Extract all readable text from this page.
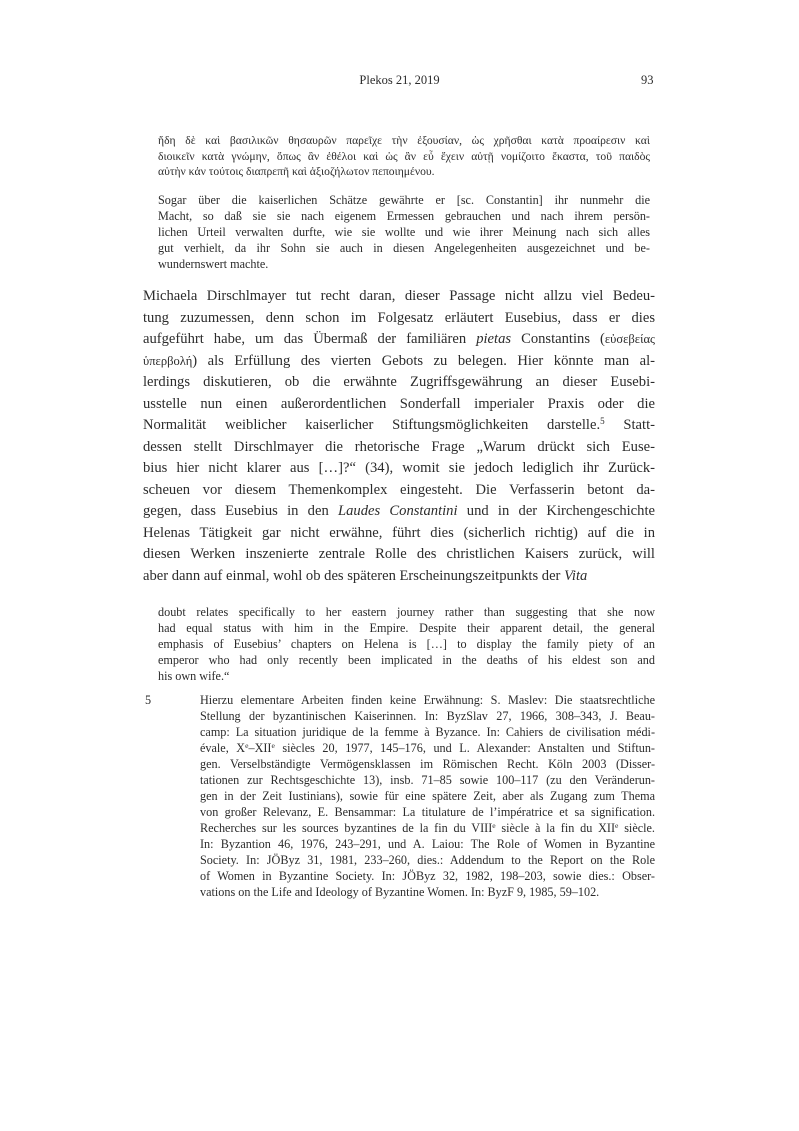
Plekos 21, 2019	93
ἤδη δὲ καὶ βασιλικῶν θησαυρῶν παρεῖχε τὴν ἐξουσίαν, ὡς χρῆσθαι κατὰ προαίρεσιν καὶ
διοικεῖν κατὰ γνώμην, ὅπως ἂν ἐθέλοι καὶ ὡς ἂν εὖ ἔχειν αὐτῇ νομίζοιτο ἕκαστα, τοῦ παιδὸς
αὐτὴν κἀν τούτοις διαπρεπῆ καὶ ἀξιοζήλωτον πεποιημένου.
Sogar über die kaiserlichen Schätze gewährte er [sc. Constantin] ihr nunmehr die
Macht, so daß sie sie nach eigenem Ermessen gebrauchen und nach ihrem persön-
lichen Urteil verwalten durfte, wie sie wollte und wie ihrer Meinung nach sich alles
gut verhielt, da ihr Sohn sie auch in diesen Angelegenheiten ausgezeichnet und be-
wundernswert machte.
Michaela Dirschlmayer tut recht daran, dieser Passage nicht allzu viel Bedeu-
tung zuzumessen, denn schon im Folgesatz erläutert Eusebius, dass er dies
aufgeführt habe, um das Übermaß der familiären pietas Constantins (εὐσεβείας
ὑπερβολή) als Erfüllung des vierten Gebots zu belegen. Hier könnte man al-
lerdings diskutieren, ob die erwähnte Zugriffsgewährung an dieser Eusebi-
usstelle nun einen außerordentlichen Sonderfall imperialer Praxis oder die
Normalität weiblicher kaiserlicher Stiftungsmöglichkeiten darstelle.$^5$ Statt-
dessen stellt Dirschlmayer die rhetorische Frage „Warum drückt sich Euse-
bius hier nicht klarer aus […]?“ (34), womit sie jedoch lediglich ihr Zurück-
scheuen vor diesem Themenkomplex eingesteht. Die Verfasserin betont da-
gegen, dass Eusebius in den Laudes Constantini und in der Kirchengeschichte
Helenas Tätigkeit gar nicht erwähne, führt dies (sicherlich richtig) auf die in
diesen Werken inszenierte zentrale Rolle des christlichen Kaisers zurück, will
aber dann auf einmal, wohl ob des späteren Erscheinungszeitpunkts der Vita
doubt relates specifically to her eastern journey rather than suggesting that she now
had equal status with him in the Empire. Despite their apparent detail, the general
emphasis of Eusebius’ chapters on Helena is […] to display the family piety of an
emperor who had only recently been implicated in the deaths of his eldest son and
his own wife.“
5	Hierzu elementare Arbeiten finden keine Erwähnung: S. Maslev: Die staatsrechtliche
Stellung der byzantinischen Kaiserinnen. In: ByzSlav 27, 1966, 308–343, J. Beau-
camp: La situation juridique de la femme à Byzance. In: Cahiers de civilisation médi-
évale, Xe–XIIe siècles 20, 1977, 145–176, und L. Alexander: Anstalten und Stiftun-
gen. Verselbständigte Vermögensklassen im Römischen Recht. Köln 2003 (Disser-
tationen zur Rechtsgeschichte 13), insb. 71–85 sowie 100–117 (zu den Veränderun-
gen in der Zeit Iustinians), sowie für eine spätere Zeit, aber als Zugang zum Thema
von großer Relevanz, E. Bensammar: La titulature de l’impératrice et sa signification.
Recherches sur les sources byzantines de la fin du VIIIe siècle à la fin du XIIe siècle.
In: Byzantion 46, 1976, 243–291, und A. Laiou: The Role of Women in Byzantine
Society. In: JÖByz 31, 1981, 233–260, dies.: Addendum to the Report on the Role
of Women in Byzantine Society. In: JÖByz 32, 1982, 198–203, sowie dies.: Obser-
vations on the Life and Ideology of Byzantine Women. In: ByzF 9, 1985, 59–102.
